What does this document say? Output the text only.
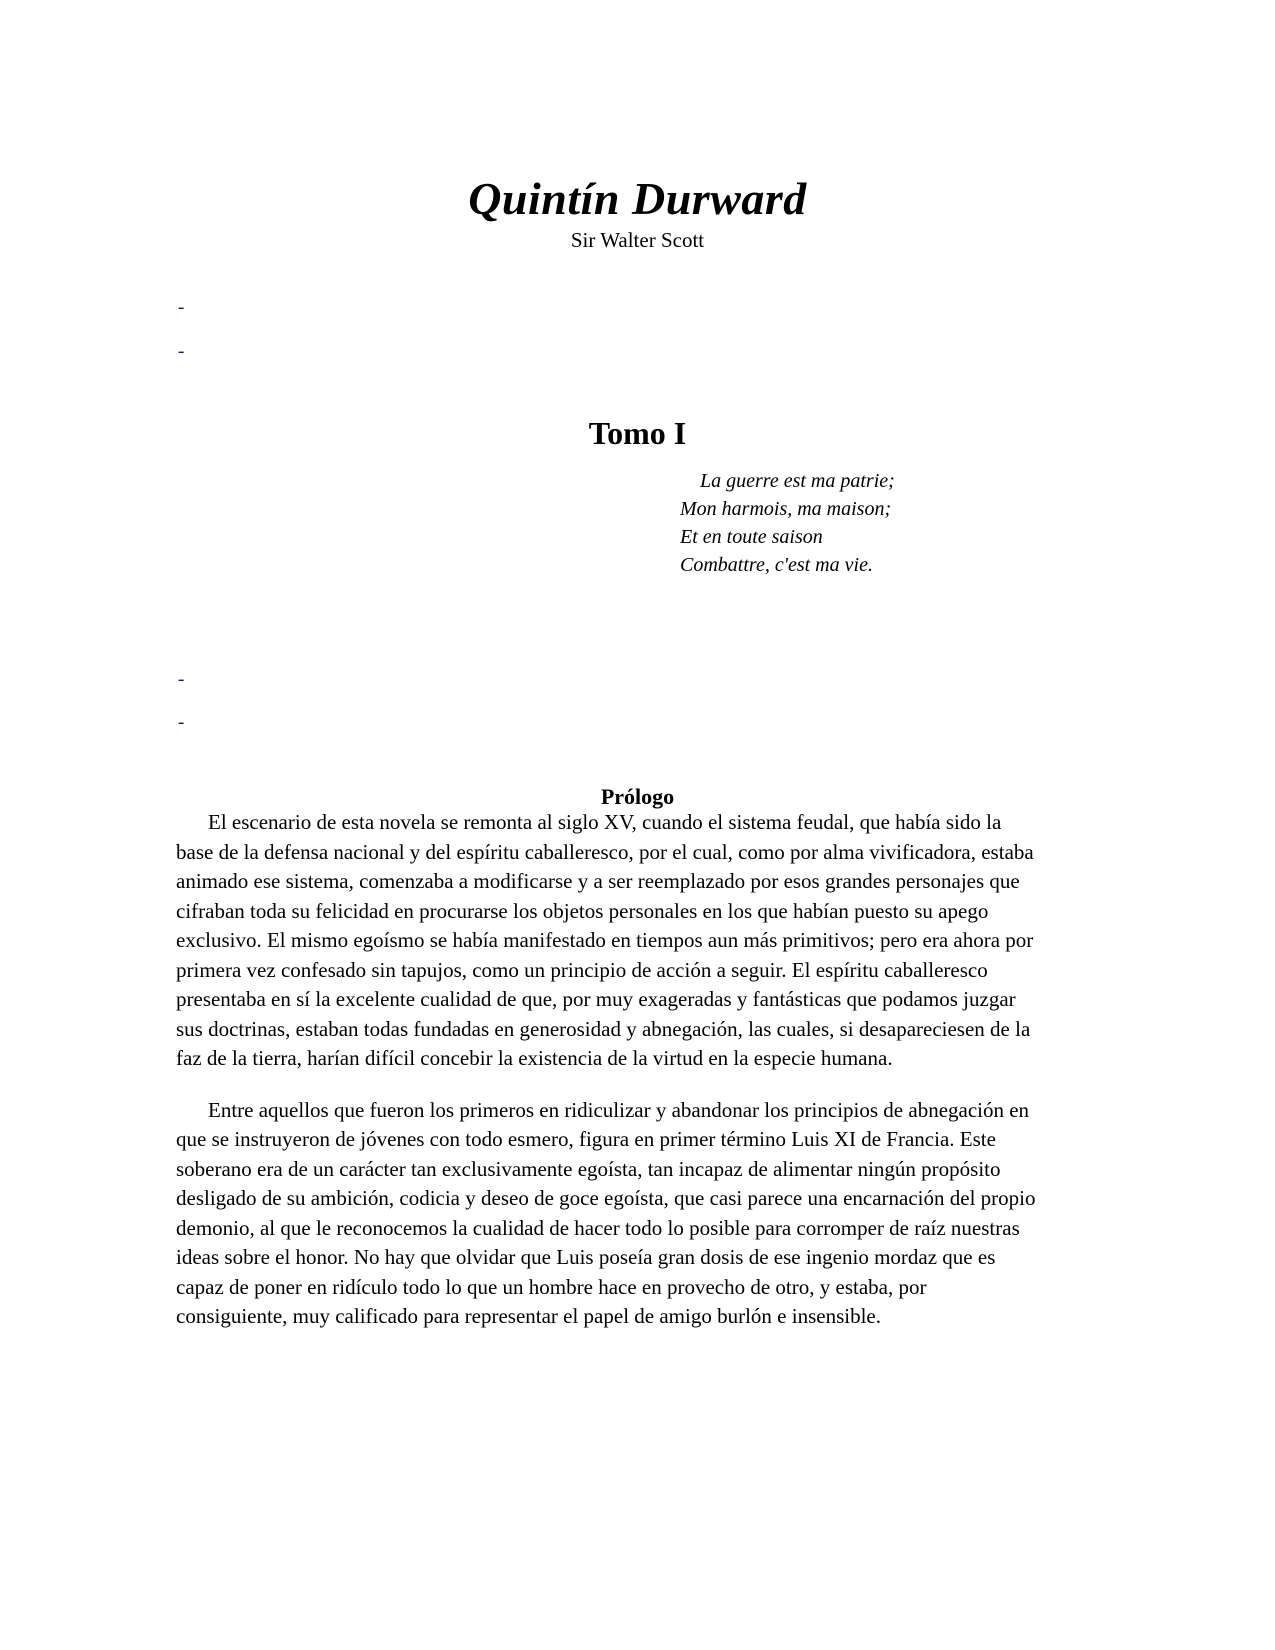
Quintín Durward
Sir Walter Scott
-
-
Tomo I
La guerre est ma patrie;
Mon harmois, ma maison;
Et en toute saison
Combattre, c'est ma vie.
-
-
Prólogo

El escenario de esta novela se remonta al siglo XV, cuando el sistema feudal, que había sido la base de la defensa nacional y del espíritu caballeresco, por el cual, como por alma vivificadora, estaba animado ese sistema, comenzaba a modificarse y a ser reemplazado por esos grandes personajes que cifraban toda su felicidad en procurarse los objetos personales en los que habían puesto su apego exclusivo. El mismo egoísmo se había manifestado en tiempos aun más primitivos; pero era ahora por primera vez confesado sin tapujos, como un principio de acción a seguir. El espíritu caballeresco presentaba en sí la excelente cualidad de que, por muy exageradas y fantásticas que podamos juzgar sus doctrinas, estaban todas fundadas en generosidad y abnegación, las cuales, si desapareciesen de la faz de la tierra, harían difícil concebir la existencia de la virtud en la especie humana.

Entre aquellos que fueron los primeros en ridiculizar y abandonar los principios de abnegación en que se instruyeron de jóvenes con todo esmero, figura en primer término Luis XI de Francia. Este soberano era de un carácter tan exclusivamente egoísta, tan incapaz de alimentar ningún propósito desligado de su ambición, codicia y deseo de goce egoísta, que casi parece una encarnación del propio demonio, al que le reconocemos la cualidad de hacer todo lo posible para corromper de raíz nuestras ideas sobre el honor. No hay que olvidar que Luis poseía gran dosis de ese ingenio mordaz que es capaz de poner en ridículo todo lo que un hombre hace en provecho de otro, y estaba, por consiguiente, muy calificado para representar el papel de amigo burlón e insensible.
